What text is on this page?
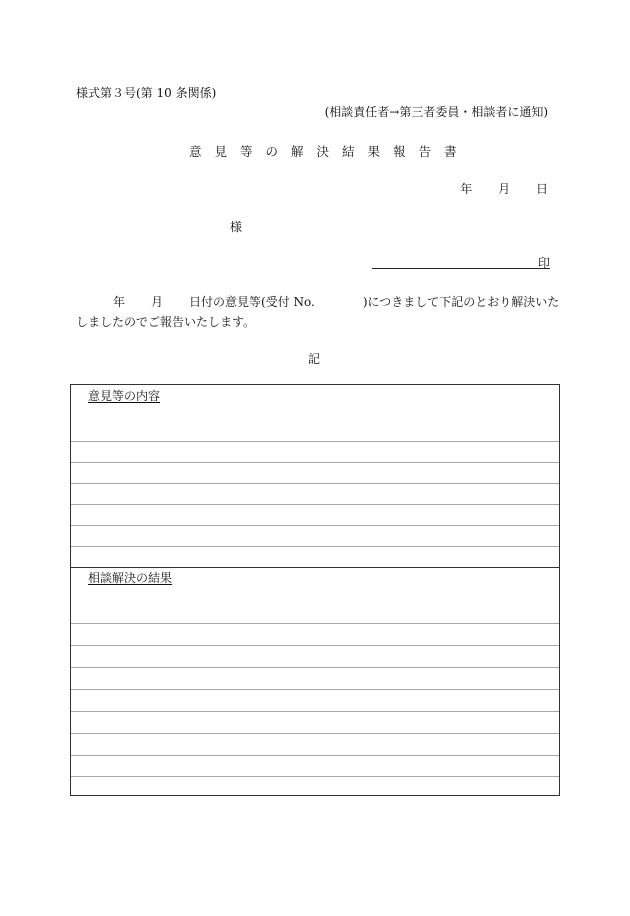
様式第３号(第 10 条関係)
(相談責任者→第三者委員・相談者に通知)
意見等の解決結果報告書
年 月 日
様
印
年 月 日付の意見等(受付 No.	)につきまして下記のとおり解決いた
しましたのでご報告いたします。
記
意見等の内容
相談解決の結果
